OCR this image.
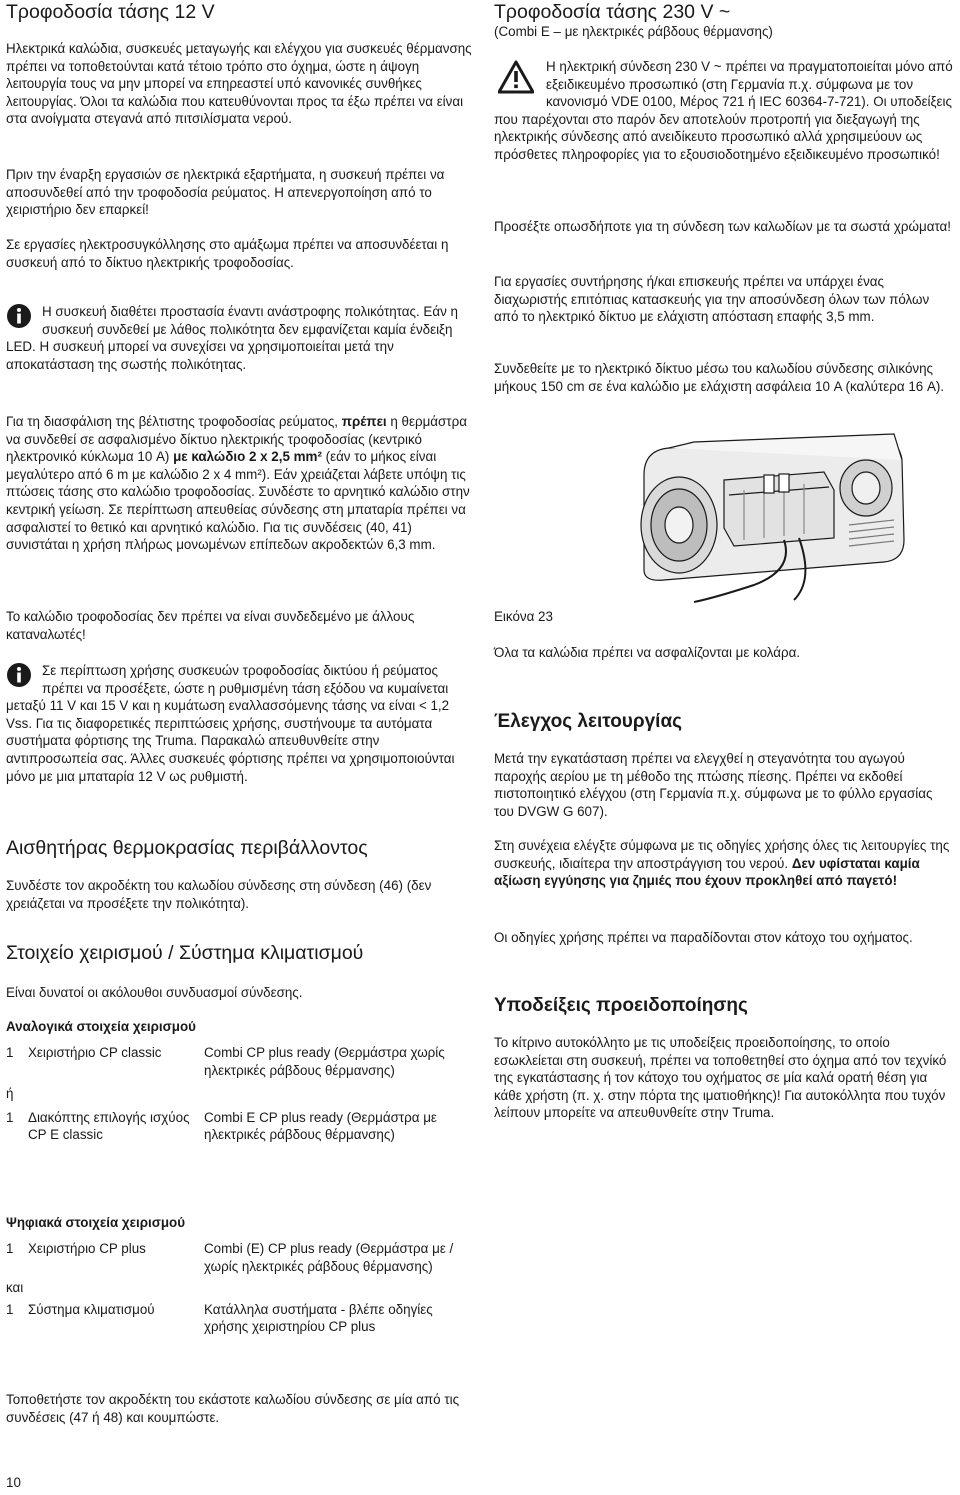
Τροφοδοσία τάσης 12 V

Ηλεκτρικά καλώδια, συσκευές μεταγωγής και ελέγχου για συσκευές θέρμανσης πρέπει να τοποθετούνται κατά τέτοιο τρόπο στο όχημα, ώστε η άψογη λειτουργία τους να μην μπορεί να επηρεαστεί υπό κανονικές συνθήκες λειτουργίας. Όλοι τα καλώδια που κατευθύνονται προς τα έξω πρέπει να είναι στα ανοίγματα στεγανά από πιτσιλίσματα νερού.

Πριν την έναρξη εργασιών σε ηλεκτρικά εξαρτήματα, η συσκευή πρέπει να αποσυνδεθεί από την τροφοδοσία ρεύματος. Η απενεργοποίηση από το χειριστήριο δεν επαρκεί!

Σε εργασίες ηλεκτροσυγκόλλησης στο αμάξωμα πρέπει να αποσυνδέεται η συσκευή από το δίκτυο ηλεκτρικής τροφοδοσίας.

Η συσκευή διαθέτει προστασία έναντι ανάστροφης πολικότητας. Εάν η συσκευή συνδεθεί με λάθος πολικότητα δεν εμφανίζεται καμία ένδειξη LED. Η συσκευή μπορεί να συνεχίσει να χρησιμοποιείται μετά την αποκατάσταση της σωστής πολικότητας.

Για τη διασφάλιση της βέλτιστης τροφοδοσίας ρεύματος, πρέπει η θερμάστρα να συνδεθεί σε ασφαλισμένο δίκτυο ηλεκτρικής τροφοδοσίας (κεντρικό ηλεκτρονικό κύκλωμα 10 A) με καλώδιο 2 x 2,5 mm² (εάν το μήκος είναι μεγαλύτερο από 6 m με καλώδιο 2 x 4 mm²). Εάν χρειάζεται λάβετε υπόψη τις πτώσεις τάσης στο καλώδιο τροφοδοσίας. Συνδέστε το αρνητικό καλώδιο στην κεντρική γείωση. Σε περίπτωση απευθείας σύνδεσης στη μπαταρία πρέπει να ασφαλιστεί το θετικό και αρνητικό καλώδιο. Για τις συνδέσεις (40, 41) συνιστάται η χρήση πλήρως μονωμένων επίπεδων ακροδεκτών 6,3 mm.

Το καλώδιο τροφοδοσίας δεν πρέπει να είναι συνδεδεμένο με άλλους καταναλωτές!

Σε περίπτωση χρήσης συσκευών τροφοδοσίας δικτύου ή ρεύματος πρέπει να προσέξετε, ώστε η ρυθμισμένη τάση εξόδου να κυμαίνεται μεταξύ 11 V και 15 V και η κυμάτωση εναλλασσόμενης τάσης να είναι < 1,2 Vss. Για τις διαφορετικές περιπτώσεις χρήσης, συστήνουμε τα αυτόματα συστήματα φόρτισης της Truma. Παρακαλώ απευθυνθείτε στην αντιπροσωπεία σας. Άλλες συσκευές φόρτισης πρέπει να χρησιμοποιούνται μόνο με μια μπαταρία 12 V ως ρυθμιστή.
Αισθητήρας θερμοκρασίας περιβάλλοντος

Συνδέστε τον ακροδέκτη του καλωδίου σύνδεσης στη σύνδεση (46) (δεν χρειάζεται να προσέξετε την πολικότητα).

Στοιχείο χειρισμού / Σύστημα κλιματισμού

Είναι δυνατοί οι ακόλουθοι συνδυασμοί σύνδεσης.

Αναλογικά στοιχεία χειρισμού

1	Χειριστήριο CP classic	Combi CP plus ready (Θερμάστρα χωρίς ηλεκτρικές ράβδους θέρμανσης)

ή		

1	Διακόπτης επιλογής ισχύος CP E classic	Combi E CP plus ready (Θερμάστρα με ηλεκτρικές ράβδους θέρμανσης)

Ψηφιακά στοιχεία χειρισμού

1	Χειριστήριο CP plus	Combi (E) CP plus ready (Θερμάστρα με / χωρίς ηλεκτρικές ράβδους θέρμανσης)

και		

1	Σύστημα κλιματισμού	Κατάλληλα συστήματα - βλέπε οδηγίες χρήσης χειριστηρίου CP plus

Τοποθετήστε τον ακροδέκτη του εκάστοτε καλωδίου σύνδεσης σε μία από τις συνδέσεις (47 ή 48) και κουμπώστε.

Τροφοδοσία τάσης 230 V ~

(Combi E – με ηλεκτρικές ράβδους θέρμανσης)

Η ηλεκτρική σύνδεση 230 V ~ πρέπει να πραγματοποιείται μόνο από εξειδικευμένο προσωπικό (στη Γερμανία π.χ. σύμφωνα με τον κανονισμό VDE 0100, Μέρος 721 ή IEC 60364-7-721). Οι υποδείξεις που παρέχονται στο παρόν δεν αποτελούν προτροπή για διεξαγωγή της ηλεκτρικής σύνδεσης από ανειδίκευτο προσωπικό αλλά χρησιμεύουν ως πρόσθετες πληροφορίες για το εξουσιοδοτημένο εξειδικευμένο προσωπικό!

Προσέξτε οπωσδήποτε για τη σύνδεση των καλωδίων με τα σωστά χρώματα!

Για εργασίες συντήρησης ή/και επισκευής πρέπει να υπάρχει ένας διαχωριστής επιτόπιας κατασκευής για την αποσύνδεση όλων των πόλων από το ηλεκτρικό δίκτυο με ελάχιστη απόσταση επαφής 3,5 mm.

Συνδεθείτε με το ηλεκτρικό δίκτυο μέσω του καλωδίου σύνδεσης σιλικόνης μήκους 150 cm σε ένα καλώδιο με ελάχιστη ασφάλεια 10 A (καλύτερα 16 A).

Εικόνα 23

Όλα τα καλώδια πρέπει να ασφαλίζονται με κολάρα.

Έλεγχος λειτουργίας

Μετά την εγκατάσταση πρέπει να ελεγχθεί η στεγανότητα του αγωγού παροχής αερίου με τη μέθοδο της πτώσης πίεσης. Πρέπει να εκδοθεί πιστοποιητικό ελέγχου (στη Γερμανία π.χ. σύμφωνα με το φύλλο εργασίας του DVGW G 607).

Στη συνέχεια ελέγξτε σύμφωνα με τις οδηγίες χρήσης όλες τις λειτουργίες της συσκευής, ιδιαίτερα την αποστράγγιση του νερού. Δεν υφίσταται καμία αξίωση εγγύησης για ζημιές που έχουν προκληθεί από παγετό!

Οι οδηγίες χρήσης πρέπει να παραδίδονται στον κάτοχο του οχήματος.

Υποδείξεις προειδοποίησης

Το κίτρινο αυτοκόλλητο με τις υποδείξεις προειδοποίησης, το οποίο εσωκλείεται στη συσκευή, πρέπει να τοποθετηθεί στο όχημα από τον τεχνίκό της εγκατάστασης ή τον κάτοχο του οχήματος σε μία καλά ορατή θέση για κάθε χρήστη (π. χ. στην πόρτα της ιματιοθήκης)! Για αυτοκόλλητα που τυχόν λείπουν μπορείτε να απευθυνθείτε στην Truma.

10
